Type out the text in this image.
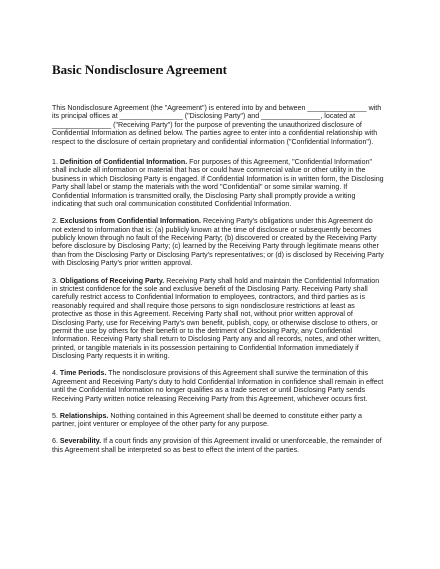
Basic Nondisclosure Agreement

This Nondisclosure Agreement (the "Agreement") is entered into by and between _______________ with its principal offices at ________________ ("Disclosing Party") and _______________, located at _______________ ("Receiving Party") for the purpose of preventing the unauthorized disclosure of Confidential Information as defined below. The parties agree to enter into a confidential relationship with respect to the disclosure of certain proprietary and confidential information ("Confidential Information").

1. Definition of Confidential Information. For purposes of this Agreement, "Confidential Information" shall include all information or material that has or could have commercial value or other utility in the business in which Disclosing Party is engaged. If Confidential Information is in written form, the Disclosing Party shall label or stamp the materials with the word "Confidential" or some similar warning. If Confidential Information is transmitted orally, the Disclosing Party shall promptly provide a writing indicating that such oral communication constituted Confidential Information.

2. Exclusions from Confidential Information. Receiving Party's obligations under this Agreement do not extend to information that is: (a) publicly known at the time of disclosure or subsequently becomes publicly known through no fault of the Receiving Party; (b) discovered or created by the Receiving Party before disclosure by Disclosing Party; (c) learned by the Receiving Party through legitimate means other than from the Disclosing Party or Disclosing Party's representatives; or (d) is disclosed by Receiving Party with Disclosing Party's prior written approval.

3. Obligations of Receiving Party. Receiving Party shall hold and maintain the Confidential Information in strictest confidence for the sole and exclusive benefit of the Disclosing Party. Receiving Party shall carefully restrict access to Confidential Information to employees, contractors, and third parties as is reasonably required and shall require those persons to sign nondisclosure restrictions at least as protective as those in this Agreement. Receiving Party shall not, without prior written approval of Disclosing Party, use for Receiving Party's own benefit, publish, copy, or otherwise disclose to others, or permit the use by others for their benefit or to the detriment of Disclosing Party, any Confidential Information. Receiving Party shall return to Disclosing Party any and all records, notes, and other written, printed, or tangible materials in its possession pertaining to Confidential Information immediately if Disclosing Party requests it in writing.

4. Time Periods. The nondisclosure provisions of this Agreement shall survive the termination of this Agreement and Receiving Party's duty to hold Confidential Information in confidence shall remain in effect until the Confidential Information no longer qualifies as a trade secret or until Disclosing Party sends Receiving Party written notice releasing Receiving Party from this Agreement, whichever occurs first.

5. Relationships. Nothing contained in this Agreement shall be deemed to constitute either party a partner, joint venturer or employee of the other party for any purpose.

6. Severability. If a court finds any provision of this Agreement invalid or unenforceable, the remainder of this Agreement shall be interpreted so as best to effect the intent of the parties.
